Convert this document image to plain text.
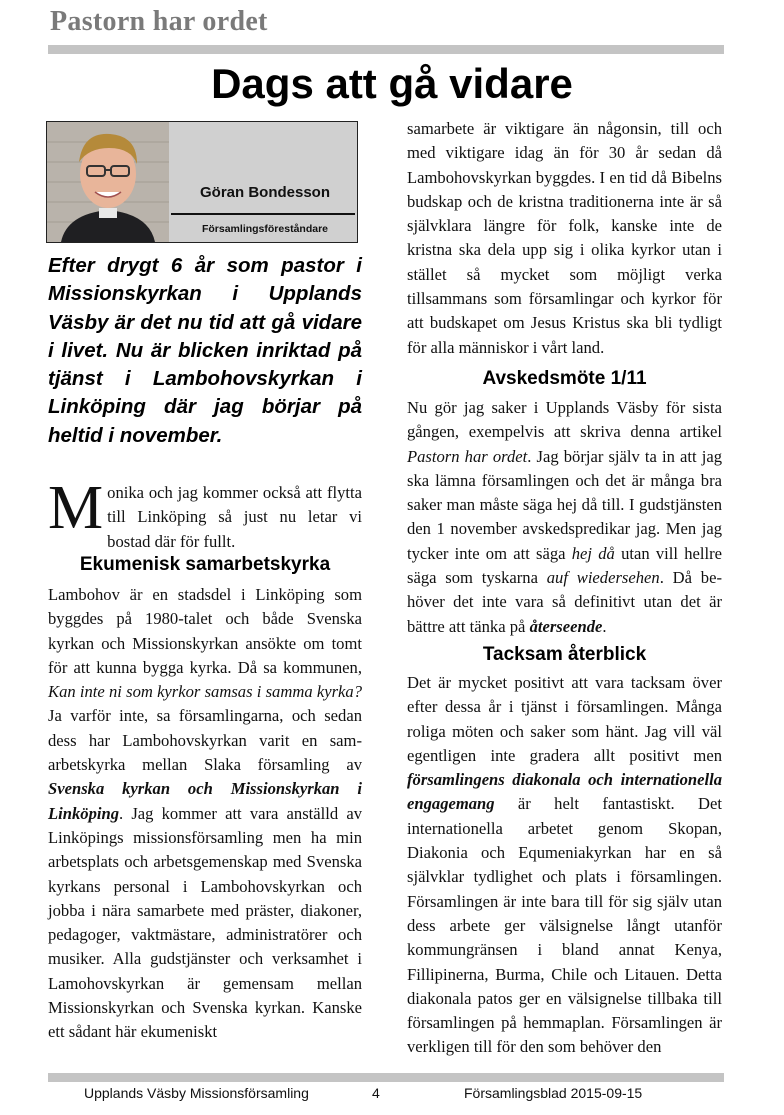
Pastorn har ordet
Dags att gå vidare
Göran Bondesson
Församlingsföreståndare

Efter drygt 6 år som pastor i Missionskyrkan i Upplands Väsby är det nu tid att gå vidare i livet. Nu är blicken inriktad på tjänst i Lambohovskyrkan i Linköping där jag börjar på heltid i november.

Monika och jag kommer också att flytta till Linköping så just nu letar vi bostad där för fullt.

Ekumenisk samarbetskyrka

Lambohov är en stadsdel i Linköping som byggdes på 1980-talet och både Svenska kyrkan och Missionskyrkan ansökte om tomt för att kunna bygga kyrka. Då sa kommunen, Kan inte ni som kyrkor samsas i samma kyrka? Ja varför inte, sa församlingarna, och sedan dess har Lambohovskyrkan varit en samarbetskyrka mellan Slaka församling av Svenska kyrkan och Missionskyrkan i Linköping. Jag kommer att vara anställd av Linköpings missionsförsamling men ha min arbetsplats och arbetsgemenskap med Svenska kyrkans personal i Lambohovskyrkan och jobba i nära samarbete med präster, diakoner, pedagoger, vaktmästare, administratörer och musiker. Alla gudstjänster och verksamhet i Lamohovskyrkan är gemensam mellan Missionskyrkan och Svenska kyrkan. Kanske ett sådant här ekumeniskt

samarbete är viktigare än någonsin, till och med viktigare idag än för 30 år sedan då Lambohovskyrkan byggdes. I en tid då Bibelns budskap och de kristna traditionerna inte är så självklara längre för folk, kanske inte de kristna ska dela upp sig i olika kyrkor utan i stället så mycket som möjligt verka tillsammans som församlingar och kyrkor för att budskapet om Jesus Kristus ska bli tydligt för alla människor i vårt land.

Avskedsmöte 1/11

Nu gör jag saker i Upplands Väsby för sista gången, exempelvis att skriva denna artikel Pastorn har ordet. Jag börjar själv ta in att jag ska lämna församlingen och det är många bra saker man måste säga hej då till. I gudstjänsten den 1 november avskedspredikar jag. Men jag tycker inte om att säga hej då utan vill hellre säga som tyskarna auf wiedersehen. Då behöver det inte vara så definitivt utan det är bättre att tänka på återseende.

Tacksam återblick

Det är mycket positivt att vara tacksam över efter dessa år i tjänst i församlingen. Många roliga möten och saker som hänt. Jag vill väl egentligen inte gradera allt positivt men församlingens diakonala och internationella engagemang är helt fantastiskt. Det internationella arbetet genom Skopan, Diakonia och Equmeniakyrkan har en så självklar tydlighet och plats i församlingen. Församlingen är inte bara till för sig själv utan dess arbete ger välsignelse långt utanför kommungränsen i bland annat Kenya, Fillipinerna, Burma, Chile och Litauen. Detta diakonala patos ger en välsignelse tillbaka till församlingen på hemmaplan. Församlingen är verkligen till för den som behöver den

Upplands Väsby Missionsförsamling	4	Församlingsblad 2015-09-15
